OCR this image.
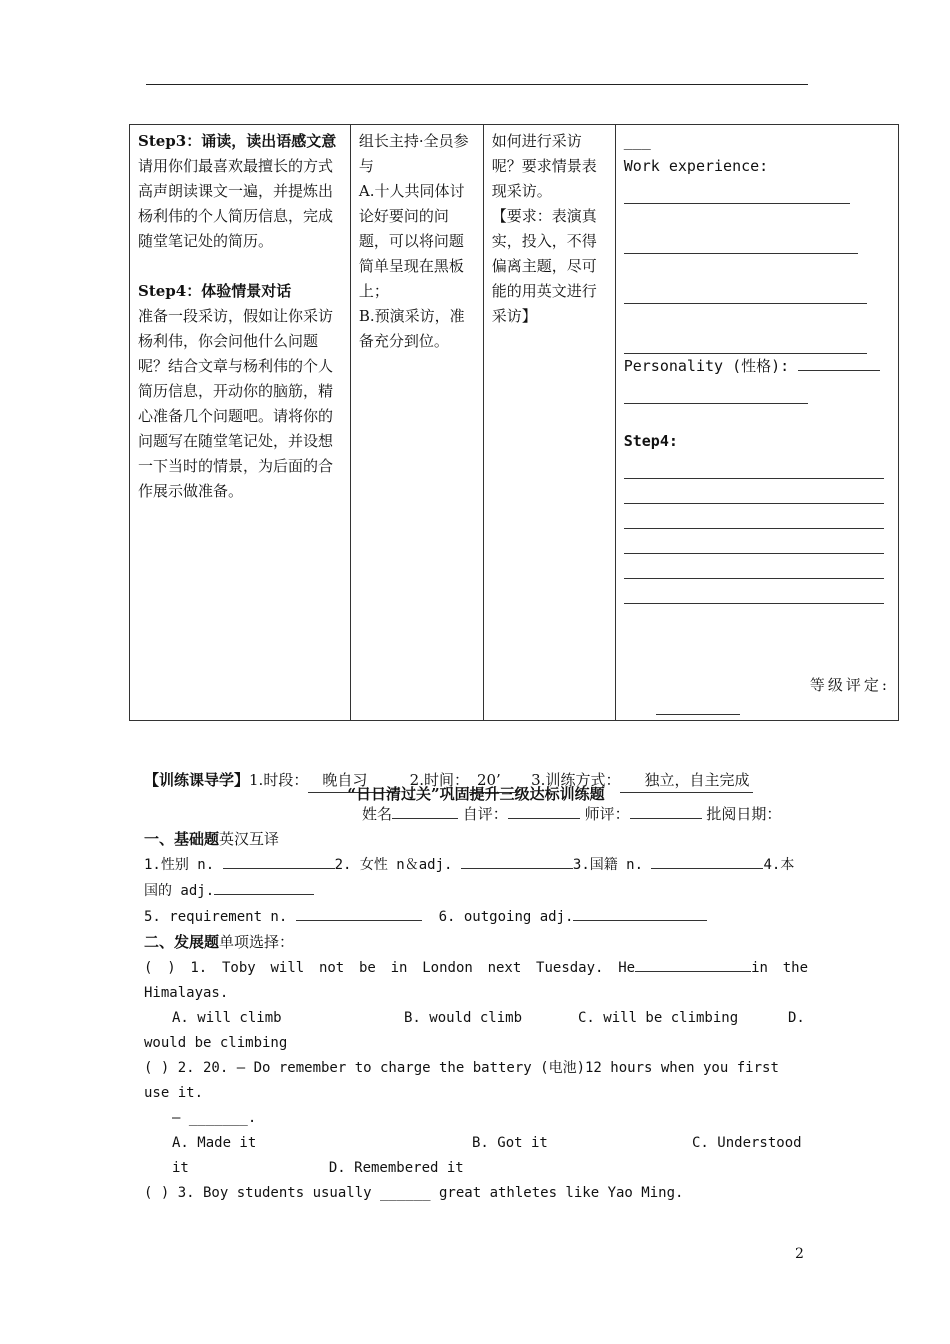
Step3：诵读，读出语感文意
请用你们最喜欢最擅长的方式高声朗读课文一遍，并提炼出杨利伟的个人简历信息，完成随堂笔记处的简历。
Step4：体验情景对话
准备一段采访，假如让你采访杨利伟，你会问他什么问题呢？结合文章与杨利伟的个人简历信息，开动你的脑筋，精心准备几个问题吧。请将你的问题写在随堂笔记处，并设想一下当时的情景，为后面的合作展示做准备。

组长主持·全员参与
A.十人共同体讨论好要问的问题，可以将问题简单呈现在黑板上；
B.预演采访，准备充分到位。

如何进行采访呢？要求情景表现采访。
【要求：表演真实，投入，不得偏离主题，尽可能的用英文进行采访】

___
Work experience:
Personality (性格):
Step4:
等级评定:

【训练课导学】1.时段： 晚自习	2.时间： 20’ 3.训练方式： 独立，自主完成

“日日清过关”巩固提升三级达标训练题

姓名	自评：	师评：	批阅日期：

一、基础题英汉互译

1.性别 n.	2. 女性 n＆adj.	3.国籍 n.	4.本国的 adj.

5. requirement n.	6. outgoing adj.

二、发展题单项选择：

( ) 1. Toby will not be in London next Tuesday. He	in the Himalayas.

A. will climb	B. would climb	C. will be climbing	D. would be climbing

( ) 2. 20. — Do remember to charge the battery (电池)12 hours when you first use it.

— _______.

A. Made it	B. Got it	C. Understood it	D. Remembered it

( ) 3. Boy students usually ______ great athletes like Yao Ming.

2
